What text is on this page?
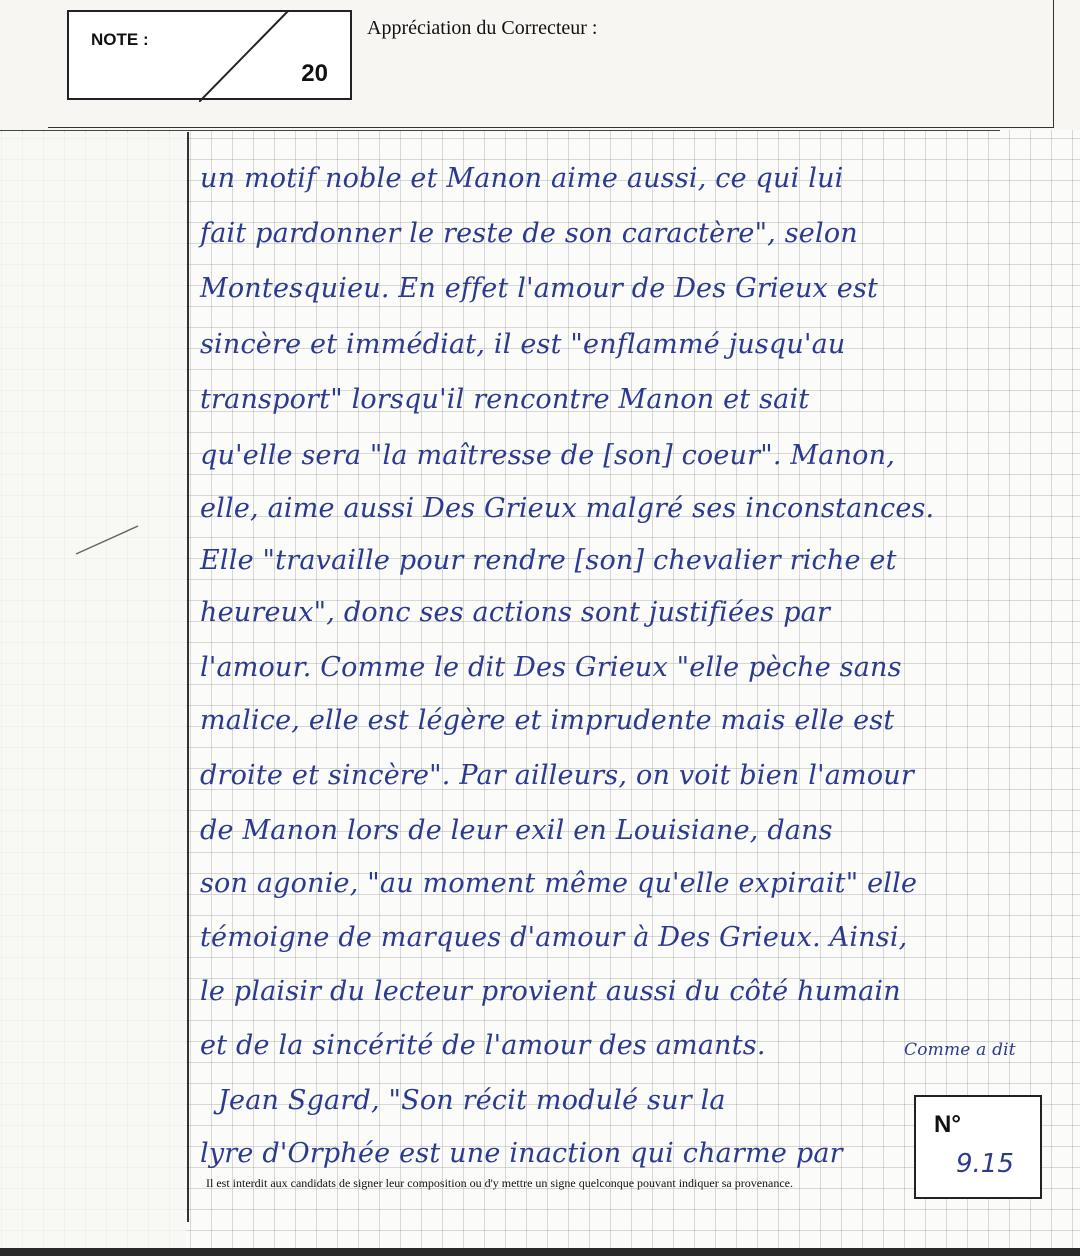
NOTE :
20
Appréciation du Correcteur :
un motif noble et Manon aime aussi, ce qui lui
fait pardonner le reste de son caractère", selon
Montesquieu. En effet l'amour de Des Grieux est
sincère et immédiat, il est "enflammé jusqu'au
transport" lorsqu'il rencontre Manon et sait
qu'elle sera "la maîtresse de [son] coeur". Manon,
elle, aime aussi Des Grieux malgré ses inconstances.
Elle "travaille pour rendre [son] chevalier riche et
heureux", donc ses actions sont justifiées par
l'amour. Comme le dit Des Grieux "elle pèche sans
malice, elle est légère et imprudente mais elle est
droite et sincère". Par ailleurs, on voit bien l'amour
de Manon lors de leur exil en Louisiane, dans
son agonie, "au moment même qu'elle expirait" elle
témoigne de marques d'amour à Des Grieux. Ainsi,
le plaisir du lecteur provient aussi du côté humain
et de la sincérité de l'amour des amants.	Comme a dit
Jean Sgard, "Son récit modulé sur la
lyre d'Orphée est une inaction qui charme par
N°
9.15
Il est interdit aux candidats de signer leur composition ou d'y mettre un signe quelconque pouvant indiquer sa provenance.
